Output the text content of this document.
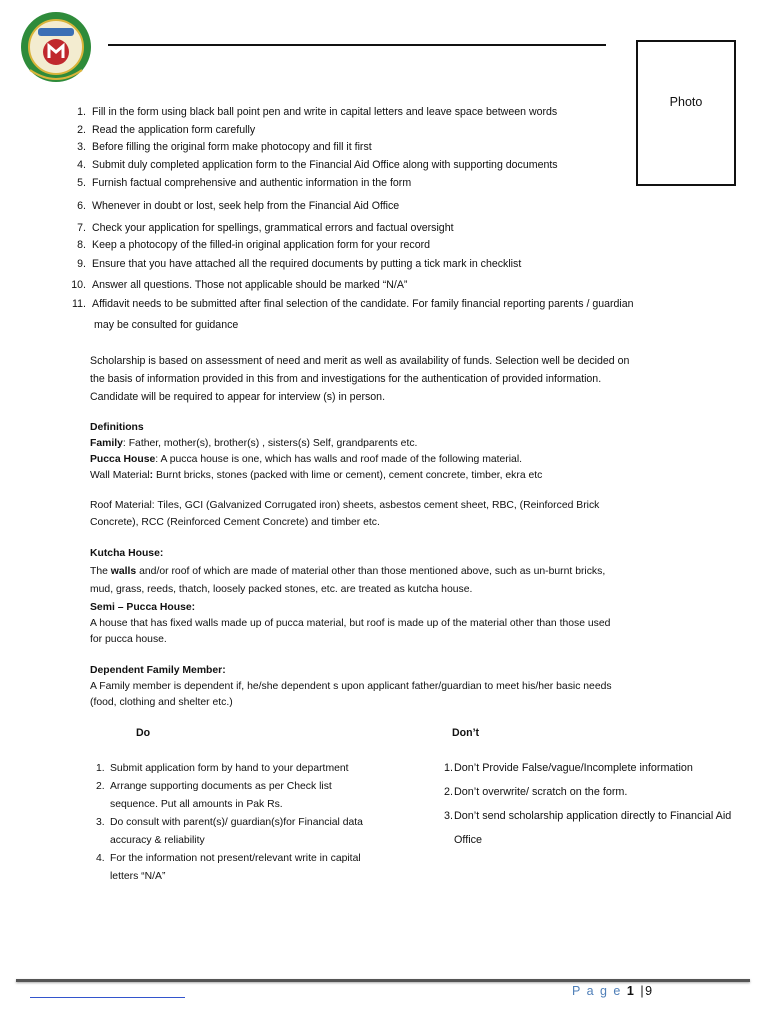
Photo
1. Fill in the form using black ball point pen and write in capital letters and leave space between words
2. Read the application form carefully
3. Before filling the original form make photocopy and fill it first
4. Submit duly completed application form to the Financial Aid Office along with supporting documents
5. Furnish factual comprehensive and authentic information in the form
6. Whenever in doubt or lost, seek help from the Financial Aid Office
7. Check your application for spellings, grammatical errors and factual oversight
8. Keep a photocopy of the filled-in original application form for your record
9. Ensure that you have attached all the required documents by putting a tick mark in checklist
10. Answer all questions. Those not applicable should be marked “N/A”
11. Affidavit needs to be submitted after final selection of the candidate. For family financial reporting parents / guardian
may be consulted for guidance
Scholarship is based on assessment of need and merit as well as availability of funds. Selection well be decided on
the basis of information provided in this from and investigations for the authentication of provided information.
Candidate will be required to appear for interview (s) in person.
Definitions
Family: Father, mother(s), brother(s) , sisters(s) Self, grandparents etc.
Pucca House: A pucca house is one, which has walls and roof made of the following material.
Wall Material: Burnt bricks, stones (packed with lime or cement), cement concrete, timber, ekra etc
Roof Material: Tiles, GCI (Galvanized Corrugated iron) sheets, asbestos cement sheet, RBC, (Reinforced Brick
Concrete), RCC (Reinforced Cement Concrete) and timber etc.
Kutcha House:
The walls and/or roof of which are made of material other than those mentioned above, such as un-burnt bricks,
mud, grass, reeds, thatch, loosely packed stones, etc. are treated as kutcha house.
Semi – Pucca House:
A house that has fixed walls made up of pucca material, but roof is made up of the material other than those used
for pucca house.
Dependent Family Member:
A Family member is dependent if, he/she dependent s upon applicant father/guardian to meet his/her basic needs
(food, clothing and shelter etc.)
Do	Don’t
1. Submit application form by hand to your department
2. Arrange supporting documents as per Check list sequence. Put all amounts in Pak Rs.
3. Do consult with parent(s)/ guardian(s)for Financial data accuracy & reliability
4. For the information not present/relevant write in capital letters “N/A”
1. Don’t Provide False/vague/Incomplete information
2. Don’t overwrite/ scratch on the form.
3. Don’t send scholarship application directly to Financial Aid Office
P a g e 1 |9
